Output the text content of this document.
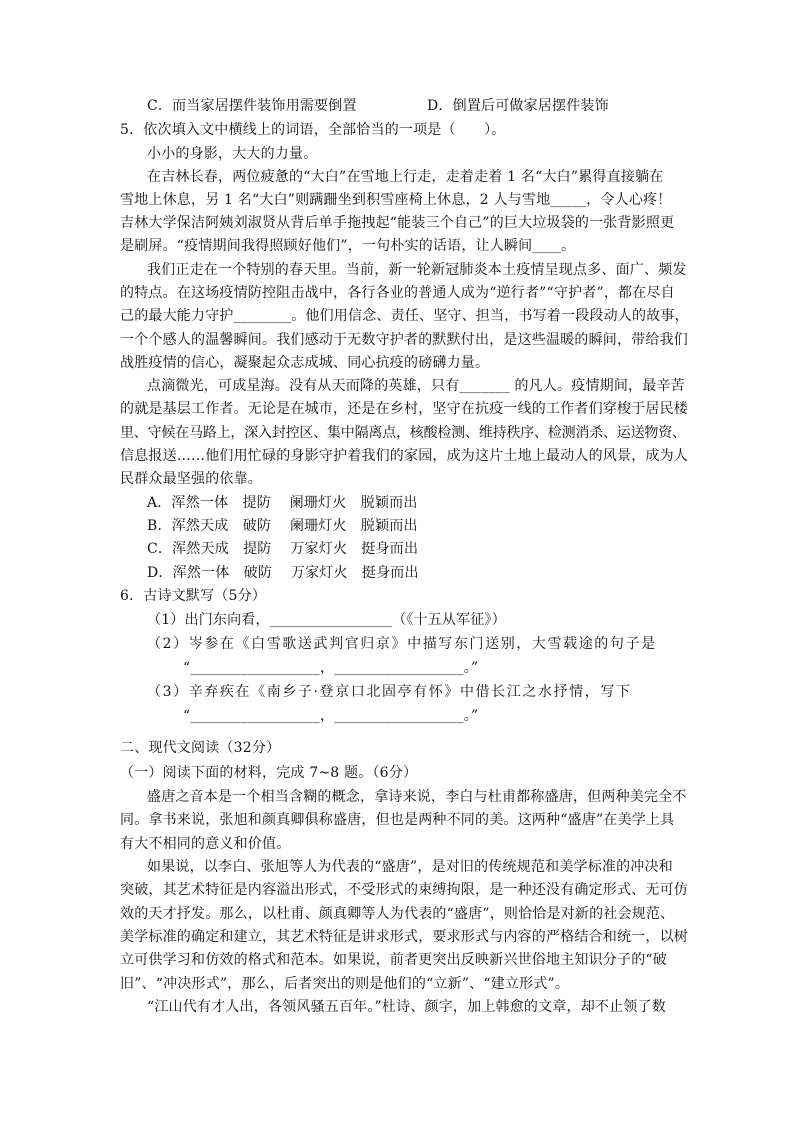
C．而当家居摆件装饰用需要倒置	D．倒置后可做家居摆件装饰
5．依次填入文中横线上的词语，全部恰当的一项是（　　）。
小小的身影，大大的力量。
在吉林长春，两位疲惫的“大白”在雪地上行走，走着走着 1 名“大白”累得直接躺在
雪地上休息，另 1 名“大白”则蹒跚坐到积雪座椅上休息，2 人与雪地_____，令人心疼！
吉林大学保洁阿姨刘淑贤从背后单手拖拽起“能装三个自己”的巨大垃圾袋的一张背影照更
是刷屏。“疫情期间我得照顾好他们”，一句朴实的话语，让人瞬间____。
我们正走在一个特别的春天里。当前，新一轮新冠肺炎本土疫情呈现点多、面广、频发
的特点。在这场疫情防控阻击战中，各行各业的普通人成为“逆行者”“守护者”，都在尽自
己的最大能力守护________。他们用信念、责任、坚守、担当，书写着一段段动人的故事，
一个个感人的温馨瞬间。我们感动于无数守护者的默默付出，是这些温暖的瞬间，带给我们
战胜疫情的信心，凝聚起众志成城、同心抗疫的磅礴力量。
点滴微光，可成星海。没有从天而降的英雄，只有_______ 的凡人。疫情期间，最辛苦
的就是基层工作者。无论是在城市，还是在乡村，坚守在抗疫一线的工作者们穿梭于居民楼
里、守候在马路上，深入封控区、集中隔离点，核酸检测、维持秩序、检测消杀、运送物资、
信息报送……他们用忙碌的身影守护着我们的家园，成为这片土地上最动人的风景，成为人
民群众最坚强的依靠。
A．浑然一体　提防　 阑珊灯火　脱颖而出
B．浑然天成　破防　 阑珊灯火　脱颖而出
C．浑然天成　提防　 万家灯火　挺身而出
D．浑然一体　破防　 万家灯火　挺身而出
6．古诗文默写（5分）
（1）出门东向看，_________________（《十五从军征》）
（2）岑参在《白雪歌送武判官归京》中描写东门送别，大雪载途的句子是
“__________________，__________________。”
（3）辛弃疾在《南乡子·登京口北固亭有怀》中借长江之水抒情，写下
“__________________，__________________。”
二、现代文阅读（32分）
（一）阅读下面的材料，完成 7~8 题。（6分）
盛唐之音本是一个相当含糊的概念，拿诗来说，李白与杜甫都称盛唐，但两种美完全不
同。拿书来说，张旭和颜真卿俱称盛唐，但也是两种不同的美。这两种“盛唐”在美学上具
有大不相同的意义和价值。
如果说，以李白、张旭等人为代表的“盛唐”，是对旧的传统规范和美学标准的冲决和
突破，其艺术特征是内容溢出形式，不受形式的束缚拘限，是一种还没有确定形式、无可仿
效的天才抒发。那么，以杜甫、颜真卿等人为代表的“盛唐”，则恰恰是对新的社会规范、
美学标准的确定和建立，其艺术特征是讲求形式，要求形式与内容的严格结合和统一，以树
立可供学习和仿效的格式和范本。如果说，前者更突出反映新兴世俗地主知识分子的“破
旧”、“冲决形式”，那么，后者突出的则是他们的“立新”、“建立形式”。
“江山代有才人出，各领风骚五百年。”杜诗、颜字，加上韩愈的文章，却不止领了数
